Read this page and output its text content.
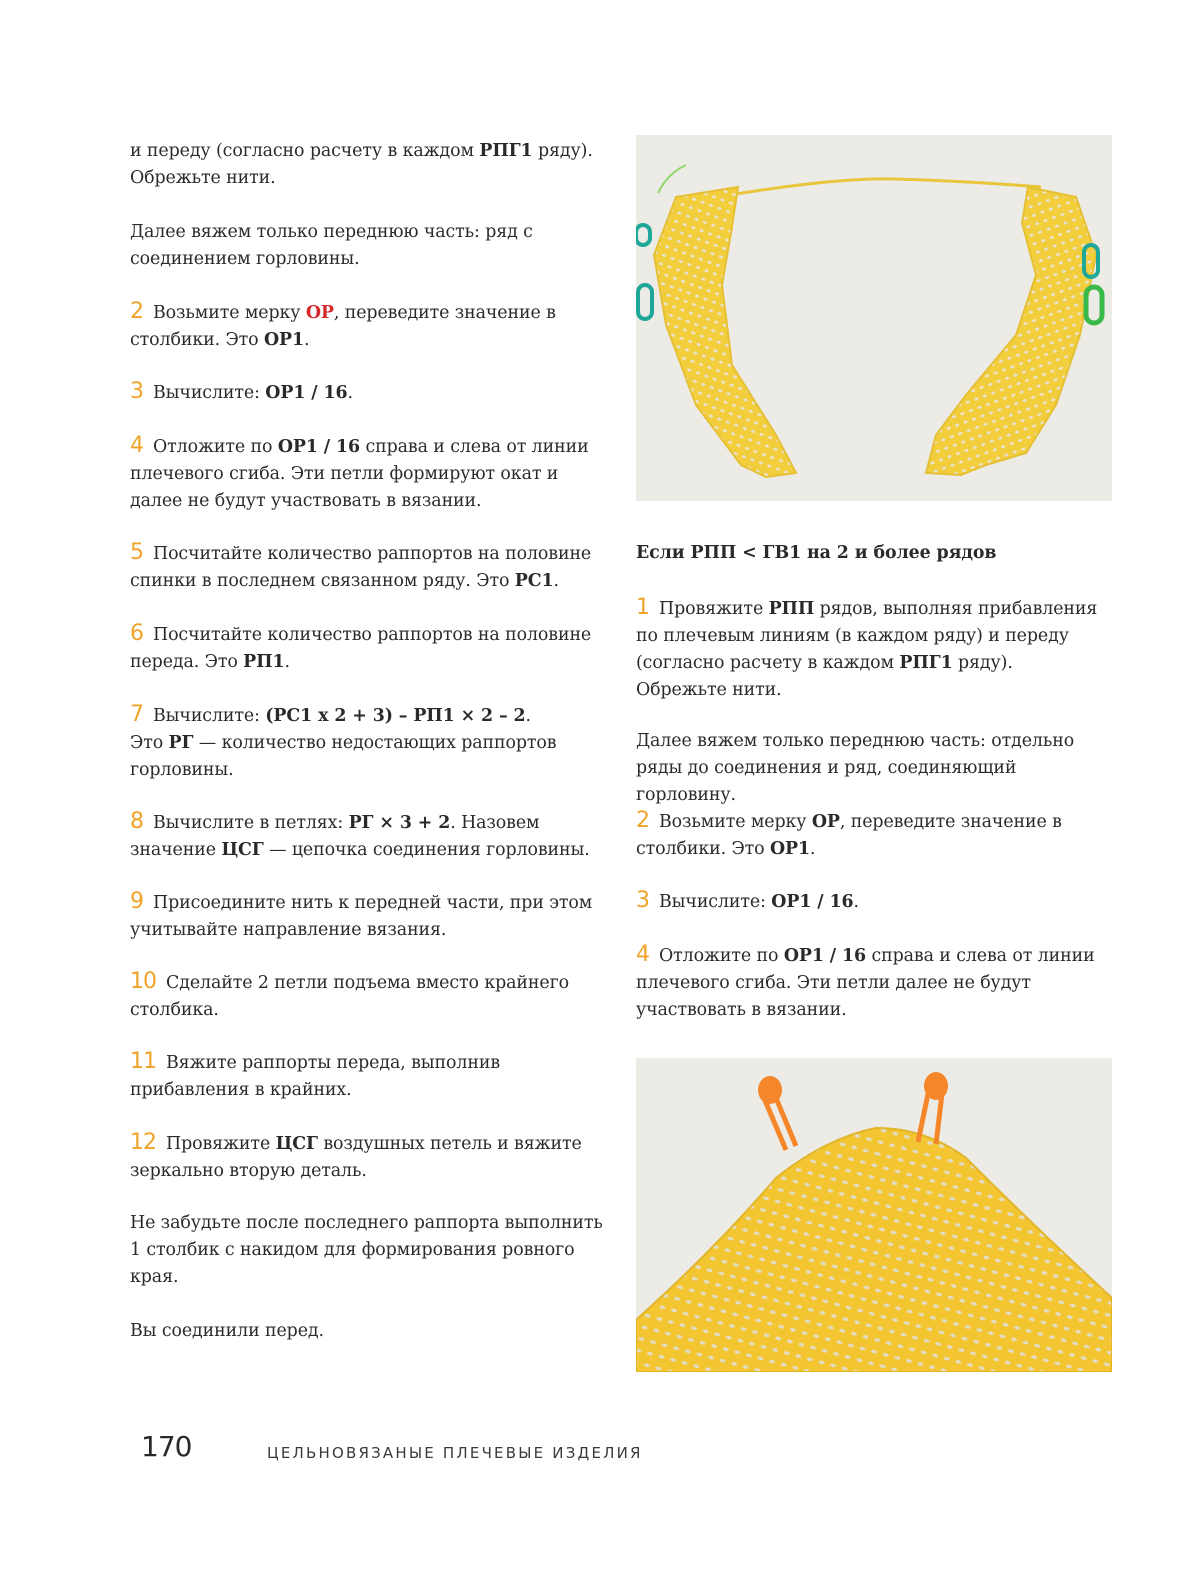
и переду (согласно расчету в каждом РПГ1 ряду).
Обрежьте нити.

Далее вяжем только переднюю часть: ряд с соединением горловины.

2 Возьмите мерку ОР, переведите значение в столбики. Это ОР1.

3 Вычислите: ОР1 / 16.

4 Отложите по ОР1 / 16 справа и слева от линии плечевого сгиба. Эти петли формируют окат и далее не будут участвовать в вязании.

5 Посчитайте количество раппортов на половине спинки в последнем связанном ряду. Это РС1.

6 Посчитайте количество раппортов на половине переда. Это РП1.

7 Вычислите: (РС1 х 2 + 3) – РП1 × 2 – 2.
Это РГ — количество недостающих раппортов горловины.

8 Вычислите в петлях: РГ × 3 + 2. Назовем значение ЦСГ — цепочка соединения горловины.

9 Присоедините нить к передней части, при этом учитывайте направление вязания.

10 Сделайте 2 петли подъема вместо крайнего столбика.

11 Вяжите раппорты переда, выполнив прибавления в крайних.

12 Провяжите ЦСГ воздушных петель и вяжите зеркально вторую деталь.

Не забудьте после последнего раппорта выполнить 1 столбик с накидом для формирования ровного края.

Вы соединили перед.

Если РПП < ГВ1 на 2 и более рядов

1 Провяжите РПП рядов, выполняя прибавления по плечевым линиям (в каждом ряду) и переду (согласно расчету в каждом РПГ1 ряду).
Обрежьте нити.

Далее вяжем только переднюю часть: отдельно ряды до соединения и ряд, соединяющий горловину.

2 Возьмите мерку ОР, переведите значение в столбики. Это ОР1.

3 Вычислите: ОР1 / 16.

4 Отложите по ОР1 / 16 справа и слева от линии плечевого сгиба. Эти петли далее не будут участвовать в вязании.

170	ЦЕЛЬНОВЯЗАНЫЕ ПЛЕЧЕВЫЕ ИЗДЕЛИЯ
